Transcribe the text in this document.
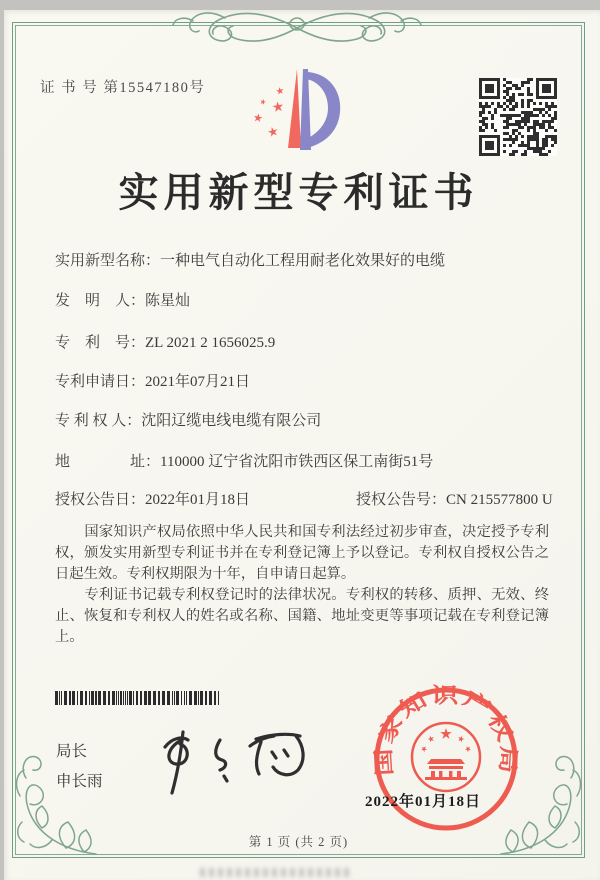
证 书 号 第15547180号
实用新型专利证书
实用新型名称：一种电气自动化工程用耐老化效果好的电缆
发　明　人：陈星灿
专　利　号：ZL 2021 2 1656025.9
专利申请日：2021年07月21日
专 利 权 人：沈阳辽缆电线电缆有限公司
地　　　　址：110000 辽宁省沈阳市铁西区保工南街51号
授权公告日：2022年01月18日	授权公告号：CN 215577800 U

国家知识产权局依照中华人民共和国专利法经过初步审查，决定授予专利权，颁发实用新型专利证书并在专利登记簿上予以登记。专利权自授权公告之日起生效。专利权期限为十年，自申请日起算。

专利证书记载专利权登记时的法律状况。专利权的转移、质押、无效、终止、恢复和专利权人的姓名或名称、国籍、地址变更等事项记载在专利登记簿上。

局长
申长雨
国家知识产权局
2022年01月18日
第 1 页 (共 2 页)
